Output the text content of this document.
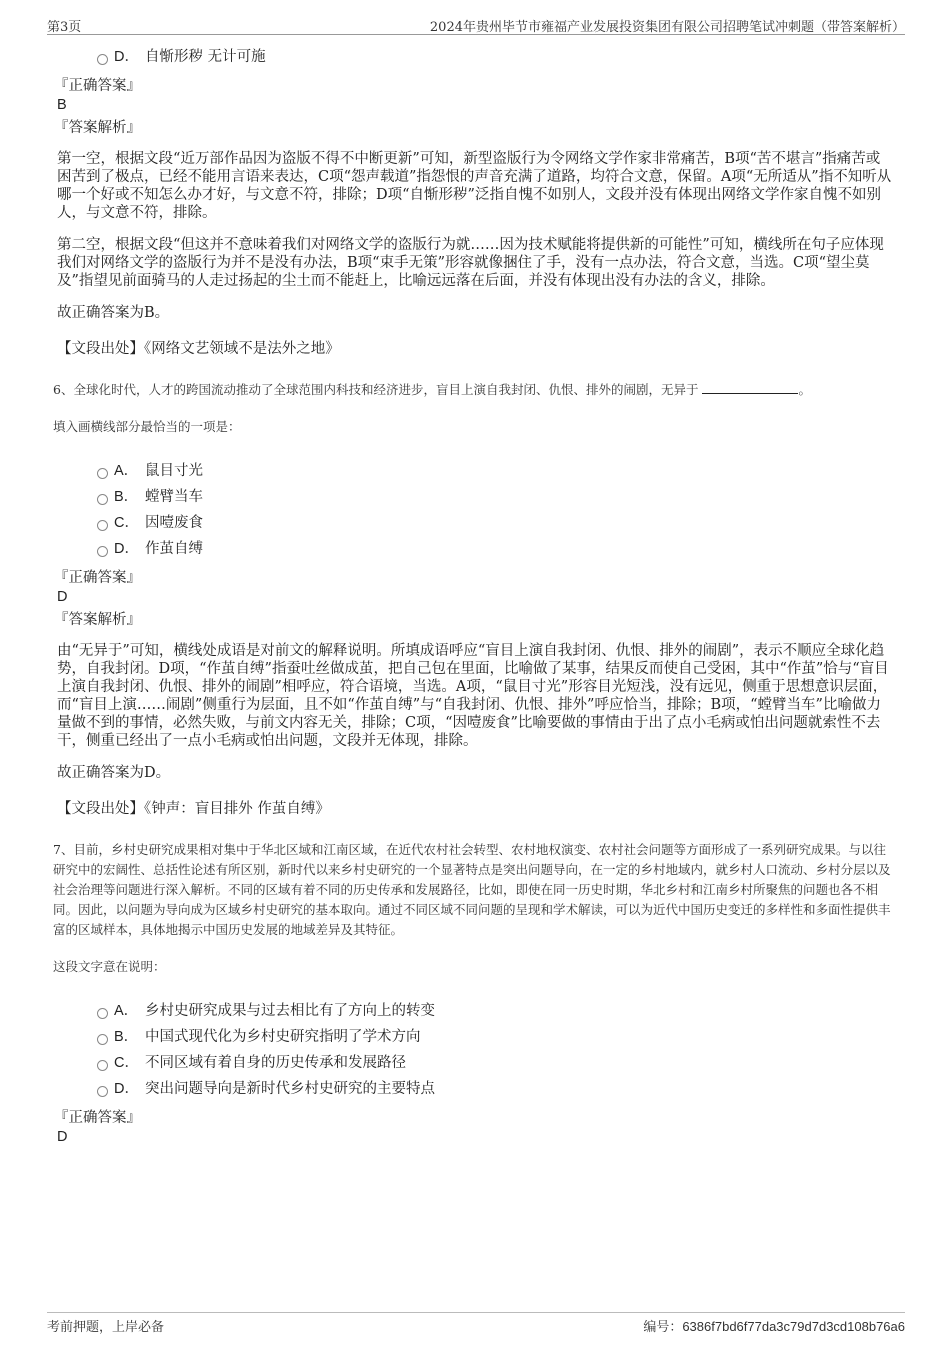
第3页	2024年贵州毕节市雍福产业发展投资集团有限公司招聘笔试冲刺题（带答案解析）
D． 自惭形秽 无计可施
『正确答案』
B
『答案解析』

第一空，根据文段“近万部作品因为盗版不得不中断更新”可知，新型盗版行为令网络文学作家非常痛苦，B项“苦不堪言”指痛苦或困苦到了极点，已经不能用言语来表达，C项“怨声载道”指怨恨的声音充满了道路，均符合文意，保留。A项“无所适从”指不知听从哪一个好或不知怎么办才好，与文意不符，排除；D项“自惭形秽”泛指自愧不如别人，文段并没有体现出网络文学作家自愧不如别人，与文意不符，排除。

第二空，根据文段“但这并不意味着我们对网络文学的盗版行为就……因为技术赋能将提供新的可能性”可知，横线所在句子应体现我们对网络文学的盗版行为并不是没有办法，B项“束手无策”形容就像捆住了手，没有一点办法，符合文意，当选。C项“望尘莫及”指望见前面骑马的人走过扬起的尘土而不能赶上，比喻远远落在后面，并没有体现出没有办法的含义，排除。

故正确答案为B。

【文段出处】《网络文艺领域不是法外之地》

6、全球化时代，人才的跨国流动推动了全球范围内科技和经济进步，盲目上演自我封闭、仇恨、排外的闹剧，无异于	。
填入画横线部分最恰当的一项是：
A． 鼠目寸光
B． 螳臂当车
C． 因噎废食
D． 作茧自缚
『正确答案』
D
『答案解析』

由“无异于”可知，横线处成语是对前文的解释说明。所填成语呼应“盲目上演自我封闭、仇恨、排外的闹剧”，表示不顺应全球化趋势，自我封闭。D项，“作茧自缚”指蚕吐丝做成茧，把自己包在里面，比喻做了某事，结果反而使自己受困，其中“作茧”恰与“盲目上演自我封闭、仇恨、排外的闹剧”相呼应，符合语境，当选。A项，“鼠目寸光”形容目光短浅，没有远见，侧重于思想意识层面，而“盲目上演……闹剧”侧重行为层面，且不如“作茧自缚”与“自我封闭、仇恨、排外”呼应恰当，排除；B项，“螳臂当车”比喻做力量做不到的事情，必然失败，与前文内容无关，排除；C项，“因噎废食”比喻要做的事情由于出了点小毛病或怕出问题就索性不去干，侧重已经出了一点小毛病或怕出问题，文段并无体现，排除。

故正确答案为D。

【文段出处】《钟声：盲目排外 作茧自缚》

7、目前，乡村史研究成果相对集中于华北区域和江南区域，在近代农村社会转型、农村地权演变、农村社会问题等方面形成了一系列研究成果。与以往研究中的宏阔性、总括性论述有所区别，新时代以来乡村史研究的一个显著特点是突出问题导向，在一定的乡村地域内，就乡村人口流动、乡村分层以及社会治理等问题进行深入解析。不同的区域有着不同的历史传承和发展路径，比如，即使在同一历史时期，华北乡村和江南乡村所聚焦的问题也各不相同。因此，以问题为导向成为区域乡村史研究的基本取向。通过不同区域不同问题的呈现和学术解读，可以为近代中国历史变迁的多样性和多面性提供丰富的区域样本，具体地揭示中国历史发展的地域差异及其特征。
这段文字意在说明：
A． 乡村史研究成果与过去相比有了方向上的转变
B． 中国式现代化为乡村史研究指明了学术方向
C． 不同区域有着自身的历史传承和发展路径
D． 突出问题导向是新时代乡村史研究的主要特点
『正确答案』
D
考前押题，上岸必备	编号：6386f7bd6f77da3c79d7d3cd108b76a6
